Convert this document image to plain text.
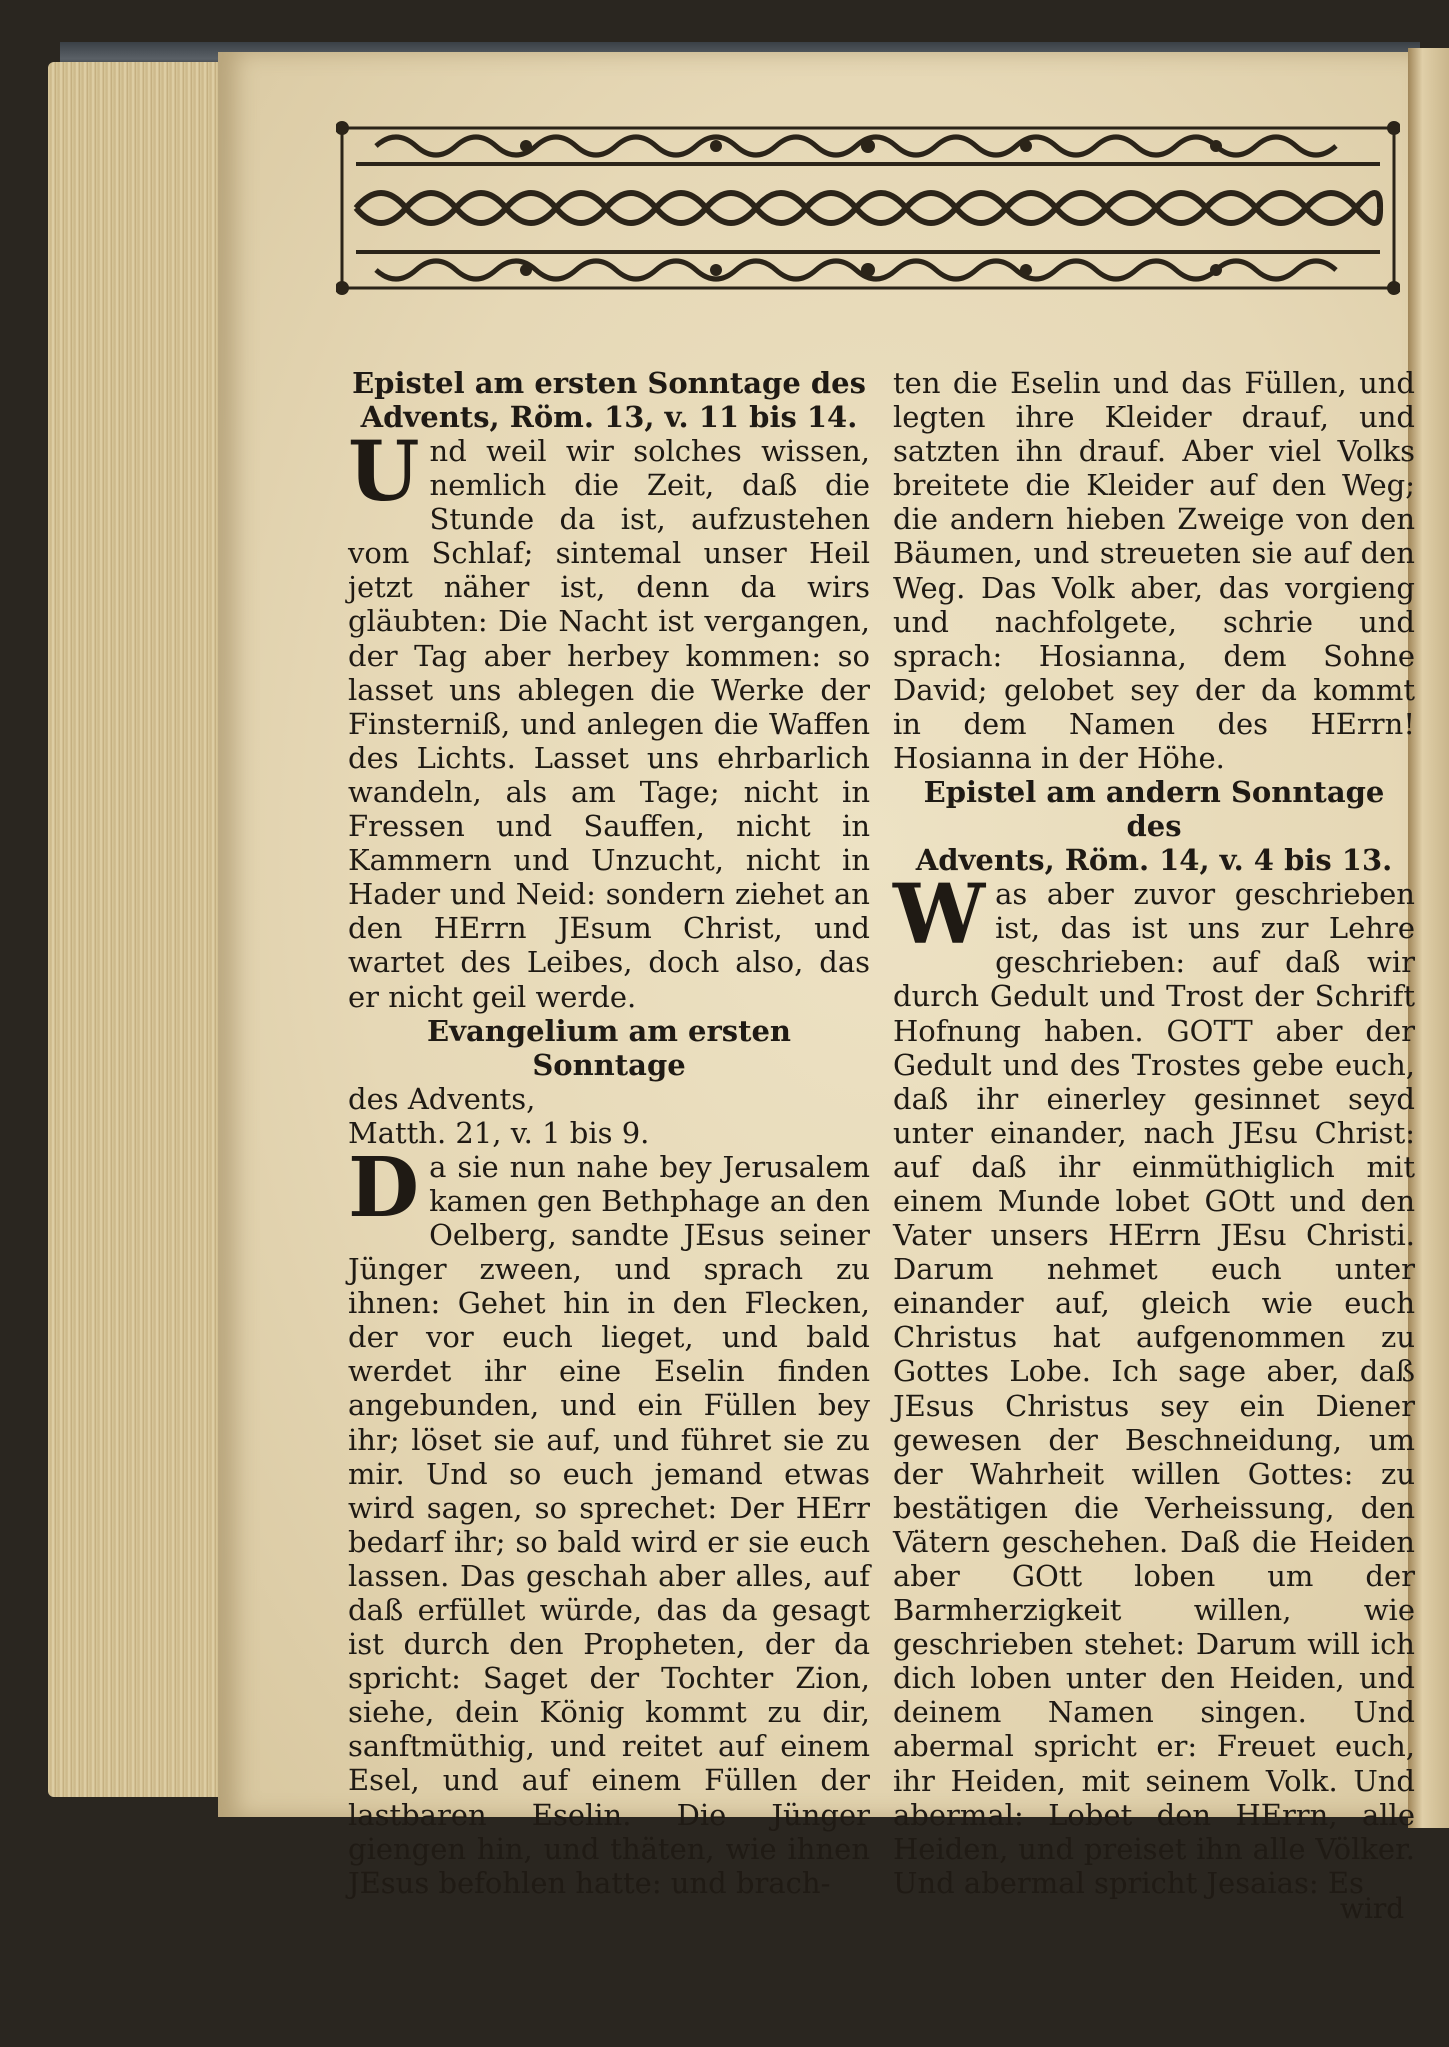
Epistel am ersten Sonntage des

Advents, Röm. 13, v. 11 bis 14.

Und weil wir solches wissen, nemlich die Zeit, daß die Stunde da ist, aufzustehen vom Schlaf; sintemal unser Heil jetzt näher ist, denn da wirs gläubten: Die Nacht ist vergangen, der Tag aber herbey kommen: so lasset uns ablegen die Werke der Finsterniß, und anlegen die Waffen des Lichts. Lasset uns ehrbarlich wandeln, als am Tage; nicht in Fressen und Sauffen, nicht in Kammern und Unzucht, nicht in Hader und Neid: sondern ziehet an den HErrn JEsum Christ, und wartet des Leibes, doch also, das er nicht geil werde.

Evangelium am ersten Sonntage

des Advents,

Matth. 21, v. 1 bis 9.

Da sie nun nahe bey Jerusalem kamen gen Bethphage an den Oelberg, sandte JEsus seiner Jünger zween, und sprach zu ihnen: Gehet hin in den Flecken, der vor euch lieget, und bald werdet ihr eine Eselin finden angebunden, und ein Füllen bey ihr; löset sie auf, und führet sie zu mir. Und so euch jemand etwas wird sagen, so sprechet: Der HErr bedarf ihr; so bald wird er sie euch lassen. Das geschah aber alles, auf daß erfüllet würde, das da gesagt ist durch den Propheten, der da spricht: Saget der Tochter Zion, siehe, dein König kommt zu dir, sanftmüthig, und reitet auf einem Esel, und auf einem Füllen der lastbaren Eselin. Die Jünger giengen hin, und thäten, wie ihnen JEsus befohlen hatte: und brach-

ten die Eselin und das Füllen, und legten ihre Kleider drauf, und satzten ihn drauf. Aber viel Volks breitete die Kleider auf den Weg; die andern hieben Zweige von den Bäumen, und streueten sie auf den Weg. Das Volk aber, das vorgieng und nachfolgete, schrie und sprach: Hosianna, dem Sohne David; gelobet sey der da kommt in dem Namen des HErrn! Hosianna in der Höhe.

Epistel am andern Sonntage des

Advents, Röm. 14, v. 4 bis 13.

Was aber zuvor geschrieben ist, das ist uns zur Lehre geschrieben: auf daß wir durch Gedult und Trost der Schrift Hofnung haben. GOTT aber der Gedult und des Trostes gebe euch, daß ihr einerley gesinnet seyd unter einander, nach JEsu Christ: auf daß ihr einmüthiglich mit einem Munde lobet GOtt und den Vater unsers HErrn JEsu Christi. Darum nehmet euch unter einander auf, gleich wie euch Christus hat aufgenommen zu Gottes Lobe. Ich sage aber, daß JEsus Christus sey ein Diener gewesen der Beschneidung, um der Wahrheit willen Gottes: zu bestätigen die Verheissung, den Vätern geschehen. Daß die Heiden aber GOtt loben um der Barmherzigkeit willen, wie geschrieben stehet: Darum will ich dich loben unter den Heiden, und deinem Namen singen. Und abermal spricht er: Freuet euch, ihr Heiden, mit seinem Volk. Und abermal: Lobet den HErrn, alle Heiden, und preiset ihn alle Völker. Und abermal spricht Jesaias: Es

wird
